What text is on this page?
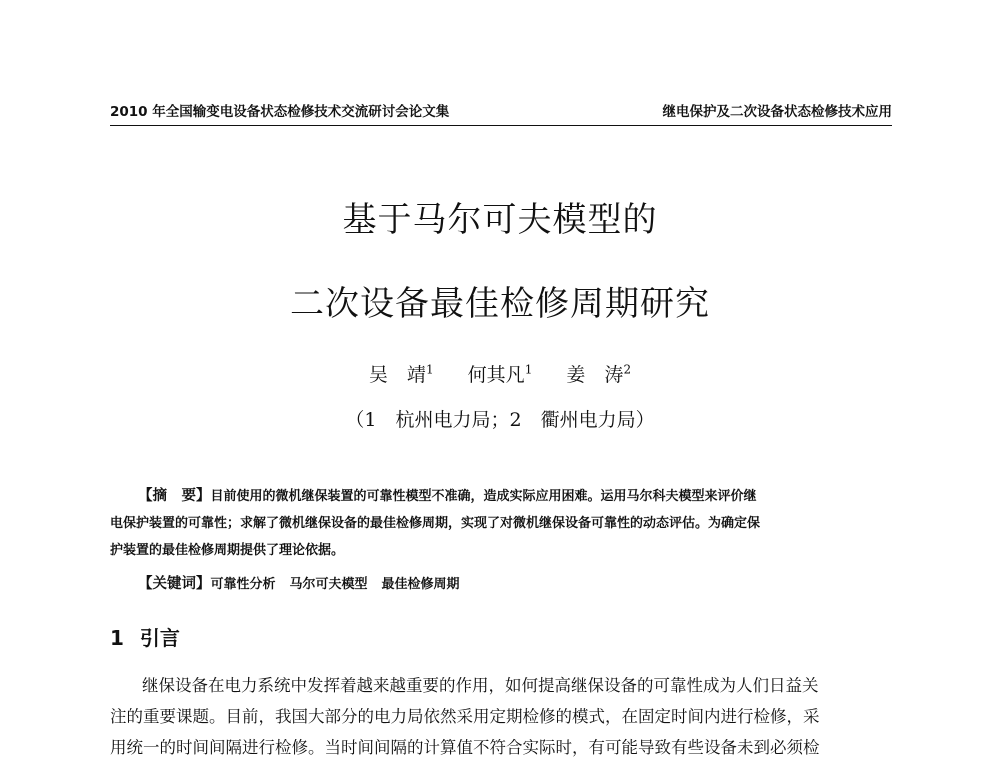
2010 年全国输变电设备状态检修技术交流研讨会论文集	继电保护及二次设备状态检修技术应用
基于马尔可夫模型的
二次设备最佳检修周期研究
吴　靖$^1$ 何其凡$^1$ 姜　涛$^2$
（1　杭州电力局；2　衢州电力局）
【摘　要】目前使用的微机继保装置的可靠性模型不准确，造成实际应用困难。运用马尔科夫模型来评价继
电保护装置的可靠性；求解了微机继保设备的最佳检修周期，实现了对微机继保设备可靠性的动态评估。为确定保
护装置的最佳检修周期提供了理论依据。
【关键词】可靠性分析 马尔可夫模型 最佳检修周期
1 引言
继保设备在电力系统中发挥着越来越重要的作用，如何提高继保设备的可靠性成为人们日益关
注的重要课题。目前，我国大部分的电力局依然采用定期检修的模式，在固定时间内进行检修，采
用统一的时间间隔进行检修。当时间间隔的计算值不符合实际时，有可能导致有些设备未到必须检
